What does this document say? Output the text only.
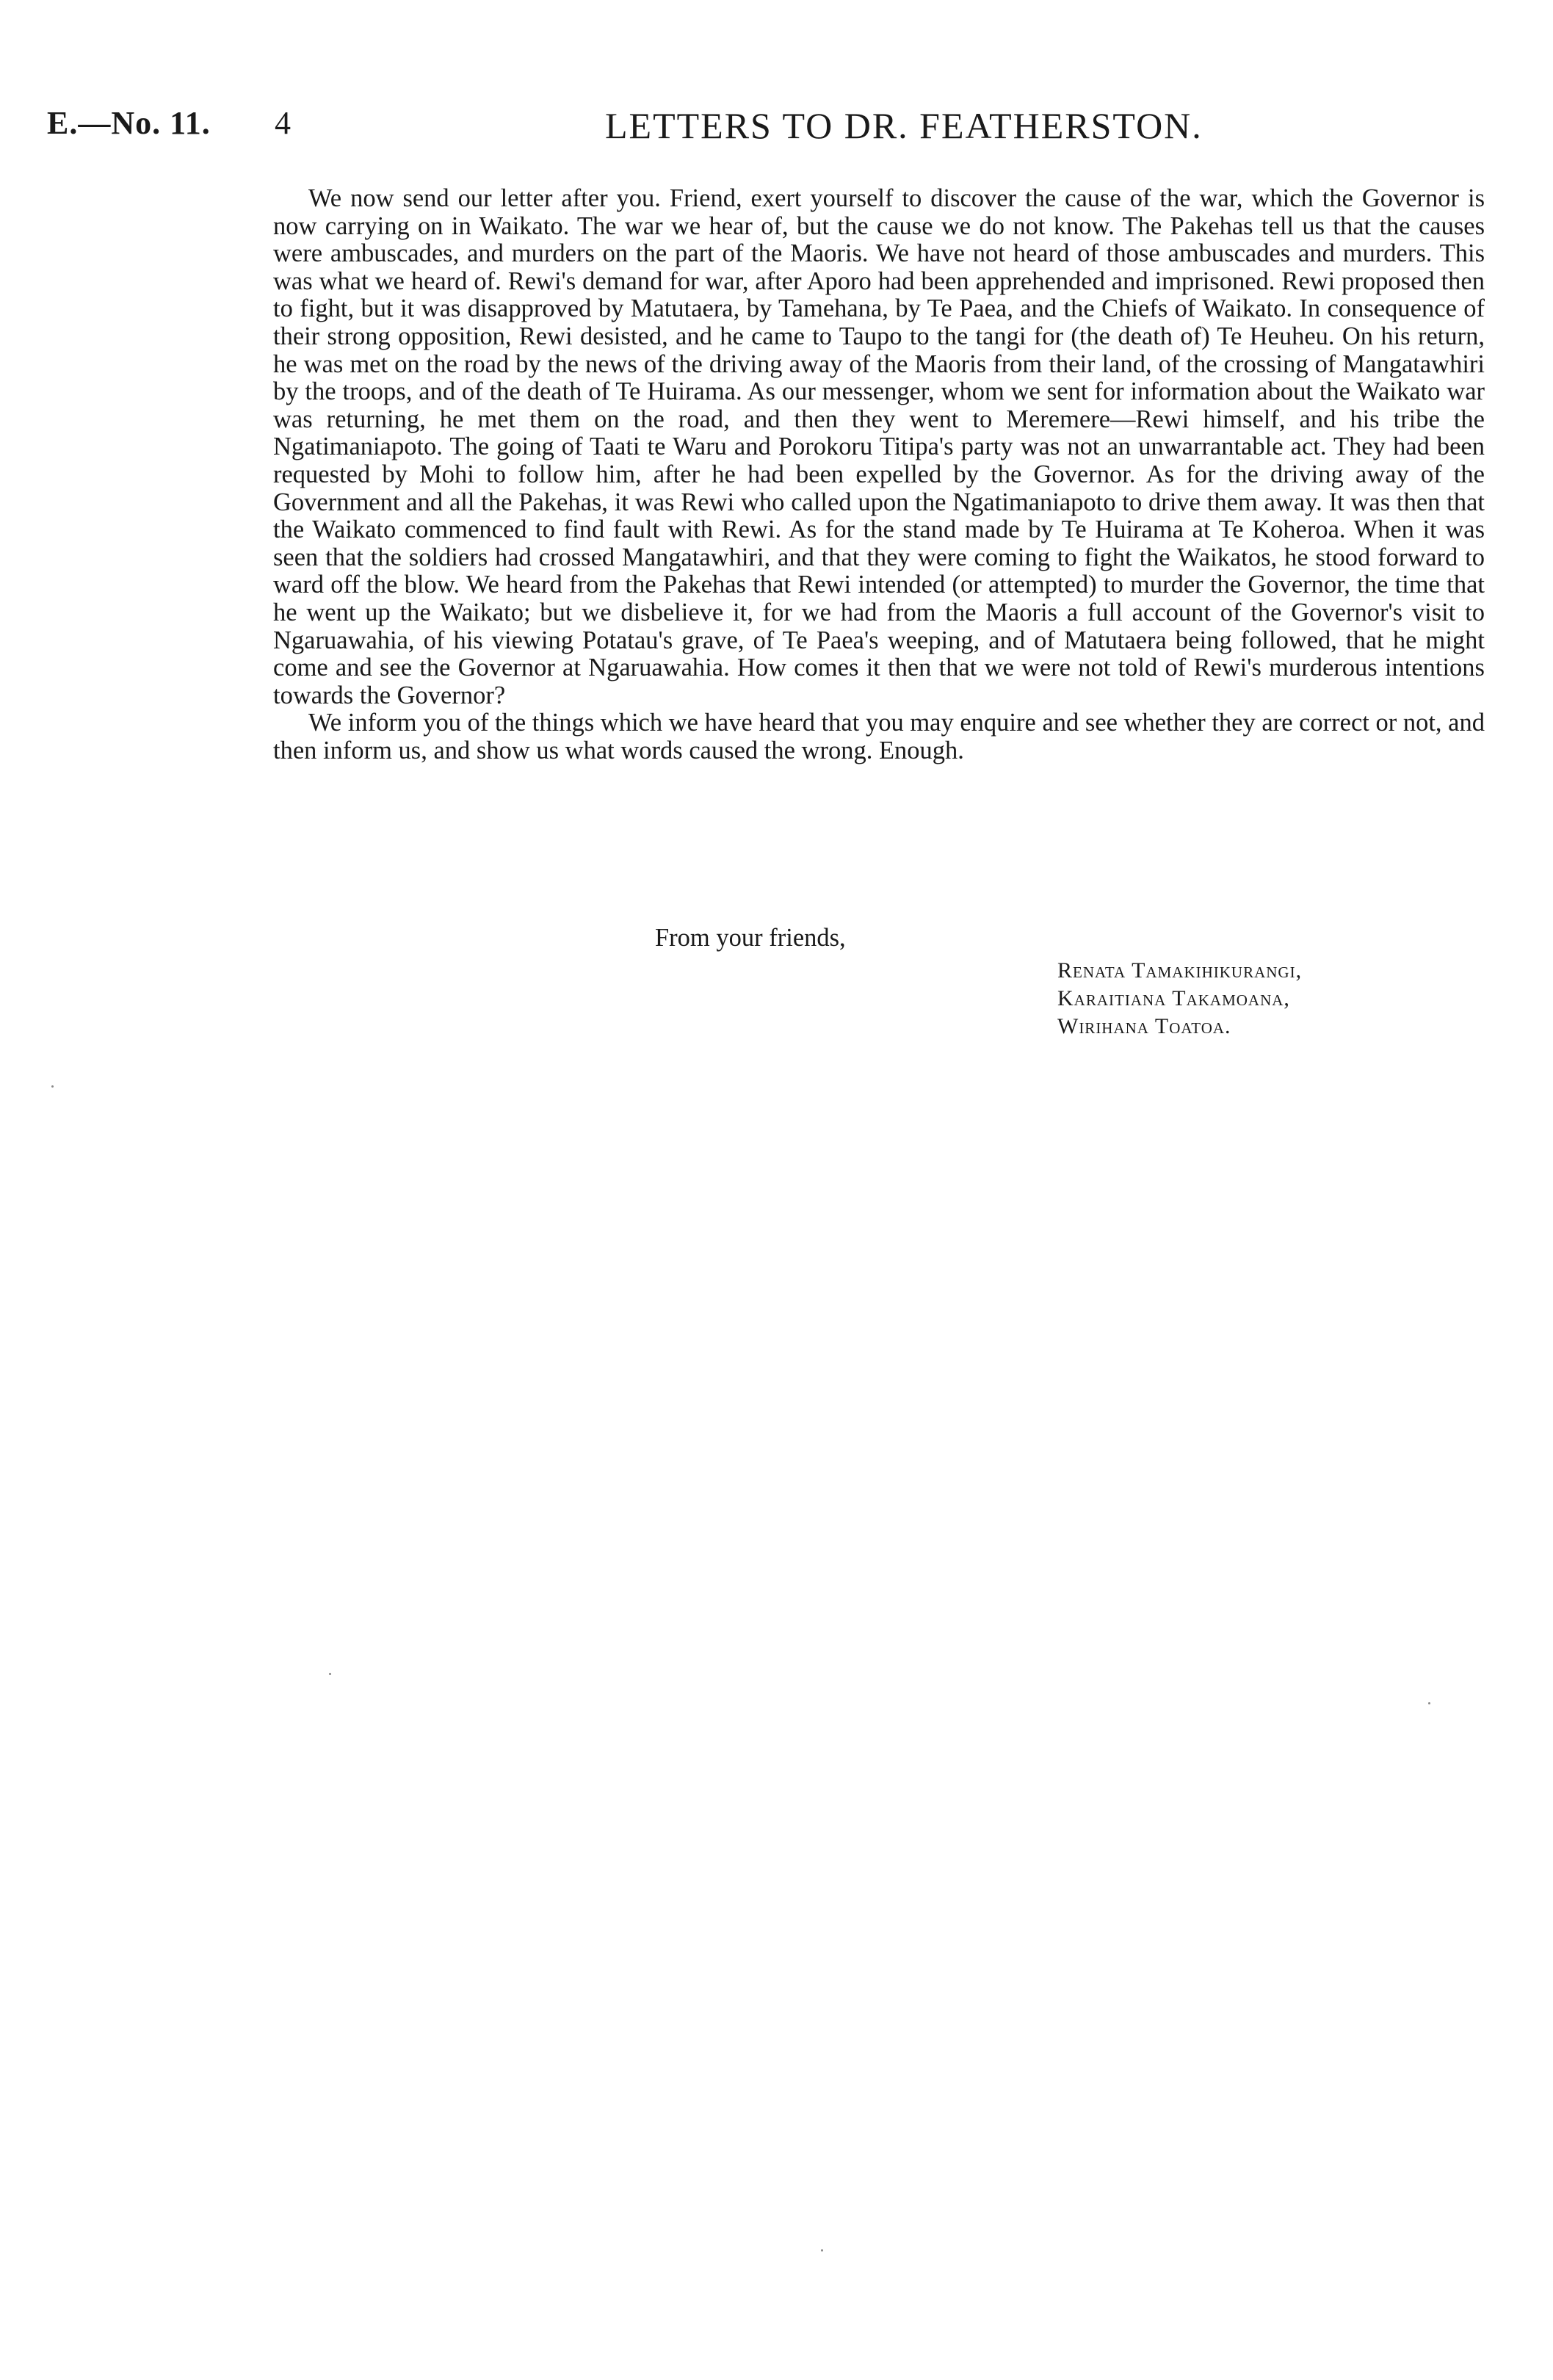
E.—No. 11. 4	LETTERS TO DR. FEATHERSTON.

We now send our letter after you. Friend, exert yourself to discover the cause of the war, which the Governor is now carrying on in Waikato. The war we hear of, but the cause we do not know. The Pakehas tell us that the causes were ambuscades, and murders on the part of the Maoris. We have not heard of those ambuscades and murders. This was what we heard of. Rewi's demand for war, after Aporo had been apprehended and imprisoned. Rewi proposed then to fight, but it was disapproved by Matutaera, by Tamehana, by Te Paea, and the Chiefs of Waikato. In consequence of their strong opposition, Rewi desisted, and he came to Taupo to the tangi for (the death of) Te Heuheu. On his return, he was met on the road by the news of the driving away of the Maoris from their land, of the crossing of Mangatawhiri by the troops, and of the death of Te Huirama. As our messenger, whom we sent for information about the Waikato war was returning, he met them on the road, and then they went to Meremere—Rewi himself, and his tribe the Ngatimaniapoto. The going of Taati te Waru and Porokoru Titipa's party was not an unwarrantable act. They had been requested by Mohi to follow him, after he had been expelled by the Governor. As for the driving away of the Government and all the Pakehas, it was Rewi who called upon the Ngatimaniapoto to drive them away. It was then that the Waikato commenced to find fault with Rewi. As for the stand made by Te Huirama at Te Koheroa. When it was seen that the soldiers had crossed Mangatawhiri, and that they were coming to fight the Waikatos, he stood forward to ward off the blow. We heard from the Pakehas that Rewi intended (or attempted) to murder the Governor, the time that he went up the Waikato; but we disbelieve it, for we had from the Maoris a full account of the Governor's visit to Ngaruawahia, of his viewing Potatau's grave, of Te Paea's weeping, and of Matutaera being followed, that he might come and see the Governor at Ngaruawahia. How comes it then that we were not told of Rewi's murderous intentions towards the Governor?

We inform you of the things which we have heard that you may enquire and see whether they are correct or not, and then inform us, and show us what words caused the wrong. Enough.

From your friends,
Renata Tamakihikurangi,
Karaitiana Takamoana,
Wirihana Toatoa.
